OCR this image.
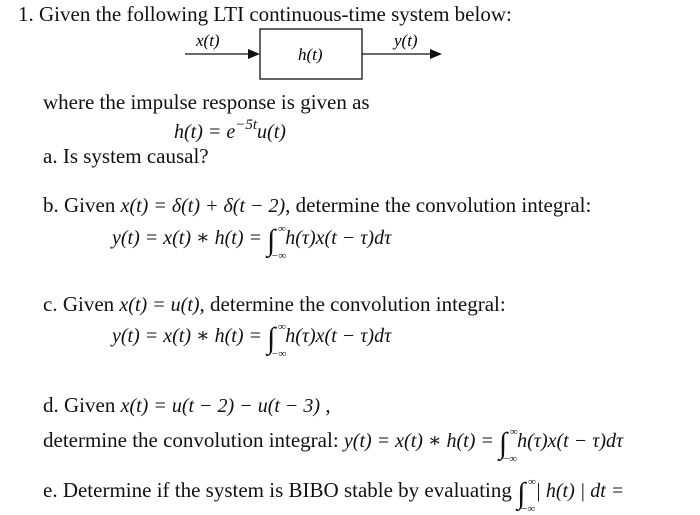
1. Given the following LTI continuous-time system below:
x(t)
h(t)
y(t)
where the impulse response is given as
$h(t) = e^{-5t}u(t)$
a. Is system causal?
b. Given x(t) = δ(t) + δ(t − 2), determine the convolution integral:
y(t) = x(t) ∗ h(t) = ∫ ∞
−∞
h(τ)x(t − τ)dτ
c. Given x(t) = u(t), determine the convolution integral:
y(t) = x(t) ∗ h(t) = ∫ ∞
−∞
h(τ)x(t − τ)dτ
d. Given x(t) = u(t − 2) − u(t − 3) ,
determine the convolution integral: y(t) = x(t) ∗ h(t) = ∫ ∞
−∞
h(τ)x(t − τ)dτ
e. Determine if the system is BIBO stable by evaluating ∫ ∞
−∞
| h(t) | dt =
